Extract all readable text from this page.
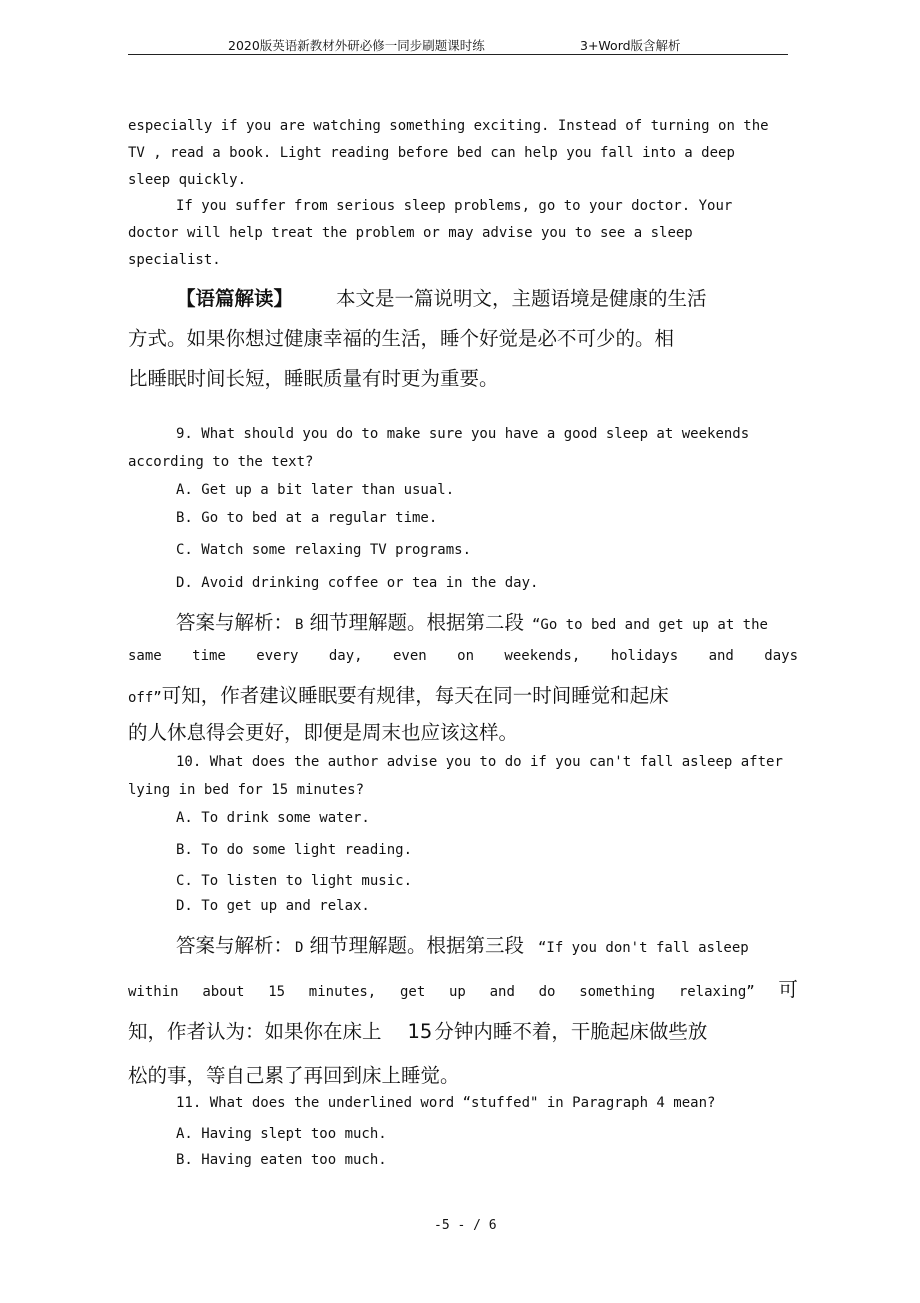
2020版英语新教材外研必修一同步刷题课时练	3+Word版含解析
especially if you are watching something exciting. Instead of turning on the
TV , read a book. Light reading before bed can help you fall into a deep
sleep quickly.
If you suffer from serious sleep problems, go to your doctor. Your
doctor will help treat the problem or may advise you to see a sleep
specialist.
【语篇解读】 本文是一篇说明文，主题语境是健康的生活
方式。如果你想过健康幸福的生活，睡个好觉是必不可少的。相
比睡眠时间长短，睡眠质量有时更为重要。
9. What should you do to make sure you have a good sleep at weekends
according to the text?
A. Get up a bit later than usual.
B. Go to bed at a regular time.
C. Watch some relaxing TV programs.
D. Avoid drinking coffee or tea in the day.
答案与解析： B 细节理解题。根据第二段 “Go to bed and get up at the
same time every day, even on weekends, holidays and days
off” 可知，作者建议睡眠要有规律，每天在同一时间睡觉和起床
的人休息得会更好，即便是周末也应该这样。
10. What does the author advise you to do if you can't fall asleep after
lying in bed for 15 minutes?
A. To drink some water.
B. To do some light reading.
C. To listen to light music.
D. To get up and relax.
答案与解析： D 细节理解题。根据第三段 “If you don't fall asleep
within about 15 minutes, get up and do something relaxing” 可
知，作者认为：如果你在床上 15 分钟内睡不着，干脆起床做些放
松的事，等自己累了再回到床上睡觉。
11. What does the underlined word “stuffed" in Paragraph 4 mean?
A. Having slept too much.
B. Having eaten too much.
-5 - / 6
